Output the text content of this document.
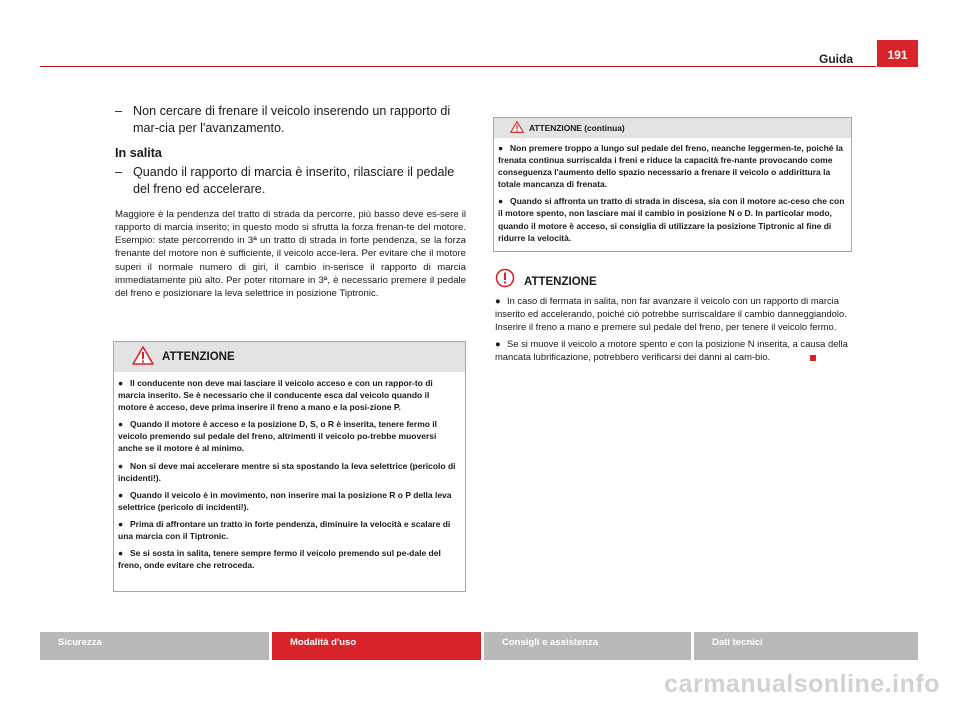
Guida	191

– Non cercare di frenare il veicolo inserendo un rapporto di mar-cia per l'avanzamento.

In salita

– Quando il rapporto di marcia è inserito, rilasciare il pedale del freno ed accelerare.

Maggiore è la pendenza del tratto di strada da percorre, più basso deve es-sere il rapporto di marcia inserito; in questo modo si sfrutta la forza frenan-te del motore. Esempio: state percorrendo in 3ª un tratto di strada in forte pendenza, se la forza frenante del motore non è sufficiente, il veicolo acce-lera. Per evitare che il motore superi il normale numero di giri, il cambio in-serisce il rapporto di marcia immediatamente più alto. Per poter ritornare in 3ª, è necessario premere il pedale del freno e posizionare la leva selettrice in posizione Tiptronic.

ATTENZIONE

● Il conducente non deve mai lasciare il veicolo acceso e con un rappor-to di marcia inserito. Se è necessario che il conducente esca dal veicolo quando il motore è acceso, deve prima inserire il freno a mano e la posi-zione P.

● Quando il motore è acceso e la posizione D, S, o R è inserita, tenere fermo il veicolo premendo sul pedale del freno, altrimenti il veicolo po-trebbe muoversi anche se il motore è al minimo.

● Non si deve mai accelerare mentre si sta spostando la leva selettrice (pericolo di incidenti!).

● Quando il veicolo è in movimento, non inserire mai la posizione R o P della leva selettrice (pericolo di incidenti!).

● Prima di affrontare un tratto in forte pendenza, diminuire la velocità e scalare di una marcia con il Tiptronic.

● Se si sosta in salita, tenere sempre fermo il veicolo premendo sul pe-dale del freno, onde evitare che retroceda.

ATTENZIONE (continua)

● Non premere troppo a lungo sul pedale del freno, neanche leggermen-te, poiché la frenata continua surriscalda i freni e riduce la capacità fre-nante provocando come conseguenza l'aumento dello spazio necessario a frenare il veicolo o addirittura la totale mancanza di frenata.

● Quando si affronta un tratto di strada in discesa, sia con il motore ac-ceso che con il motore spento, non lasciare mai il cambio in posizione N o D. In particolar modo, quando il motore è acceso, si consiglia di utilizzare la posizione Tiptronic al fine di ridurre la velocità.

ATTENZIONE

● In caso di fermata in salita, non far avanzare il veicolo con un rapporto di marcia inserito ed accelerando, poiché ciò potrebbe surriscaldare il cambio danneggiandolo. Inserire il freno a mano e premere sul pedale del freno, per tenere il veicolo fermo.

● Se si muove il veicolo a motore spento e con la posizione N inserita, a causa della mancata lubrificazione, potrebbero verificarsi dei danni al cam-bio.

Sicurezza	Modalità d'uso	Consigli e assistenza	Dati tecnici
carmanualsonline.info
